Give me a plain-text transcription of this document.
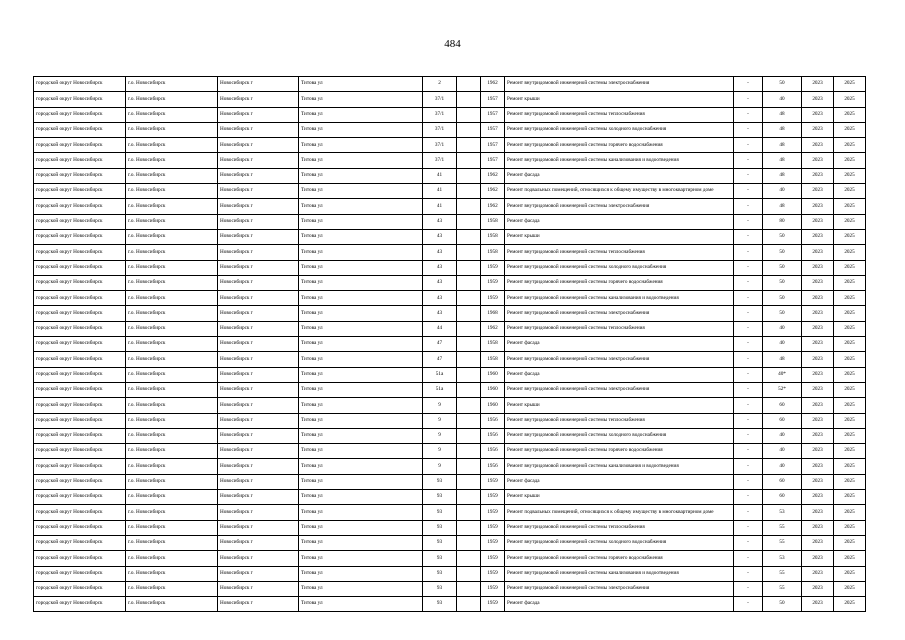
484
городской округ Новосибирск	г.о. Новосибирск	Новосибирск г	Титова ул	2		1962	Ремонт внутридомовой инженерной системы электроснабжения	-	50	2023	2025
городской округ Новосибирск	г.о. Новосибирск	Новосибирск г	Титова ул	37/1		1957	Ремонт крыши	-	40	2023	2025
городской округ Новосибирск	г.о. Новосибирск	Новосибирск г	Титова ул	37/1		1957	Ремонт внутридомовой инженерной системы теплоснабжения	-	48	2023	2025
городской округ Новосибирск	г.о. Новосибирск	Новосибирск г	Титова ул	37/1		1957	Ремонт внутридомовой инженерной системы холодного водоснабжения	-	48	2023	2025
городской округ Новосибирск	г.о. Новосибирск	Новосибирск г	Титова ул	37/1		1957	Ремонт внутридомовой инженерной системы горячего водоснабжения	-	48	2023	2025
городской округ Новосибирск	г.о. Новосибирск	Новосибирск г	Титова ул	37/1		1957	Ремонт внутридомовой инженерной системы канализования и водоотведения	-	48	2023	2025
городской округ Новосибирск	г.о. Новосибирск	Новосибирск г	Титова ул	41		1962	Ремонт фасада	-	48	2023	2025
городской округ Новосибирск	г.о. Новосибирск	Новосибирск г	Титова ул	41		1962	Ремонт подвальных помещений, относящихся к общему имуществу в многоквартирном доме	-	40	2023	2025
городской округ Новосибирск	г.о. Новосибирск	Новосибирск г	Титова ул	41		1962	Ремонт внутридомовой инженерной системы электроснабжения	-	48	2023	2025
городской округ Новосибирск	г.о. Новосибирск	Новосибирск г	Титова ул	43		1958	Ремонт фасада	-	80	2023	2025
городской округ Новосибирск	г.о. Новосибирск	Новосибирск г	Титова ул	43		1958	Ремонт крыши	-	50	2023	2025
городской округ Новосибирск	г.о. Новосибирск	Новосибирск г	Титова ул	43		1958	Ремонт внутридомовой инженерной системы теплоснабжения	-	50	2023	2025
городской округ Новосибирск	г.о. Новосибирск	Новосибирск г	Титова ул	43		1959	Ремонт внутридомовой инженерной системы холодного водоснабжения	-	50	2023	2025
городской округ Новосибирск	г.о. Новосибирск	Новосибирск г	Титова ул	43		1959	Ремонт внутридомовой инженерной системы горячего водоснабжения	-	50	2023	2025
городской округ Новосибирск	г.о. Новосибирск	Новосибирск г	Титова ул	43		1959	Ремонт внутридомовой инженерной системы канализования и водоотведения	-	50	2023	2025
городской округ Новосибирск	г.о. Новосибирск	Новосибирск г	Титова ул	43		1968	Ремонт внутридомовой инженерной системы электроснабжения	-	50	2023	2025
городской округ Новосибирск	г.о. Новосибирск	Новосибирск г	Титова ул	44		1962	Ремонт внутридомовой инженерной системы теплоснабжения	-	40	2023	2025
городской округ Новосибирск	г.о. Новосибирск	Новосибирск г	Титова ул	47		1958	Ремонт фасада	-	40	2023	2025
городской округ Новосибирск	г.о. Новосибирск	Новосибирск г	Титова ул	47		1958	Ремонт внутридомовой инженерной системы электроснабжения	-	48	2023	2025
городской округ Новосибирск	г.о. Новосибирск	Новосибирск г	Титова ул	51а		1960	Ремонт фасада	-	40*	2023	2025
городской округ Новосибирск	г.о. Новосибирск	Новосибирск г	Титова ул	51а		1960	Ремонт внутридомовой инженерной системы электроснабжения	-	52*	2023	2025
городской округ Новосибирск	г.о. Новосибирск	Новосибирск г	Титова ул	9		1960	Ремонт крыши	-	60	2023	2025
городской округ Новосибирск	г.о. Новосибирск	Новосибирск г	Титова ул	9		1956	Ремонт внутридомовой инженерной системы теплоснабжения	-	60	2023	2025
городской округ Новосибирск	г.о. Новосибирск	Новосибирск г	Титова ул	9		1956	Ремонт внутридомовой инженерной системы холодного водоснабжения	-	40	2023	2025
городской округ Новосибирск	г.о. Новосибирск	Новосибирск г	Титова ул	9		1956	Ремонт внутридомовой инженерной системы горячего водоснабжения	-	40	2023	2025
городской округ Новосибирск	г.о. Новосибирск	Новосибирск г	Титова ул	9		1956	Ремонт внутридомовой инженерной системы канализования и водоотведения	-	40	2023	2025
городской округ Новосибирск	г.о. Новосибирск	Новосибирск г	Титова ул	93		1959	Ремонт фасада	-	60	2023	2025
городской округ Новосибирск	г.о. Новосибирск	Новосибирск г	Титова ул	93		1959	Ремонт крыши	-	60	2023	2025
городской округ Новосибирск	г.о. Новосибирск	Новосибирск г	Титова ул	93		1959	Ремонт подвальных помещений, относящихся к общему имуществу в многоквартирном доме	-	53	2023	2025
городской округ Новосибирск	г.о. Новосибирск	Новосибирск г	Титова ул	93		1959	Ремонт внутридомовой инженерной системы теплоснабжения	-	55	2023	2025
городской округ Новосибирск	г.о. Новосибирск	Новосибирск г	Титова ул	93		1959	Ремонт внутридомовой инженерной системы холодного водоснабжения	-	55	2023	2025
городской округ Новосибирск	г.о. Новосибирск	Новосибирск г	Титова ул	93		1959	Ремонт внутридомовой инженерной системы горячего водоснабжения	-	53	2023	2025
городской округ Новосибирск	г.о. Новосибирск	Новосибирск г	Титова ул	93		1959	Ремонт внутридомовой инженерной системы канализования и водоотведения	-	55	2023	2025
городской округ Новосибирск	г.о. Новосибирск	Новосибирск г	Титова ул	93		1959	Ремонт внутридомовой инженерной системы электроснабжения	-	55	2023	2025
городской округ Новосибирск	г.о. Новосибирск	Новосибирск г	Титова ул	93		1959	Ремонт фасада	-	50	2023	2025
